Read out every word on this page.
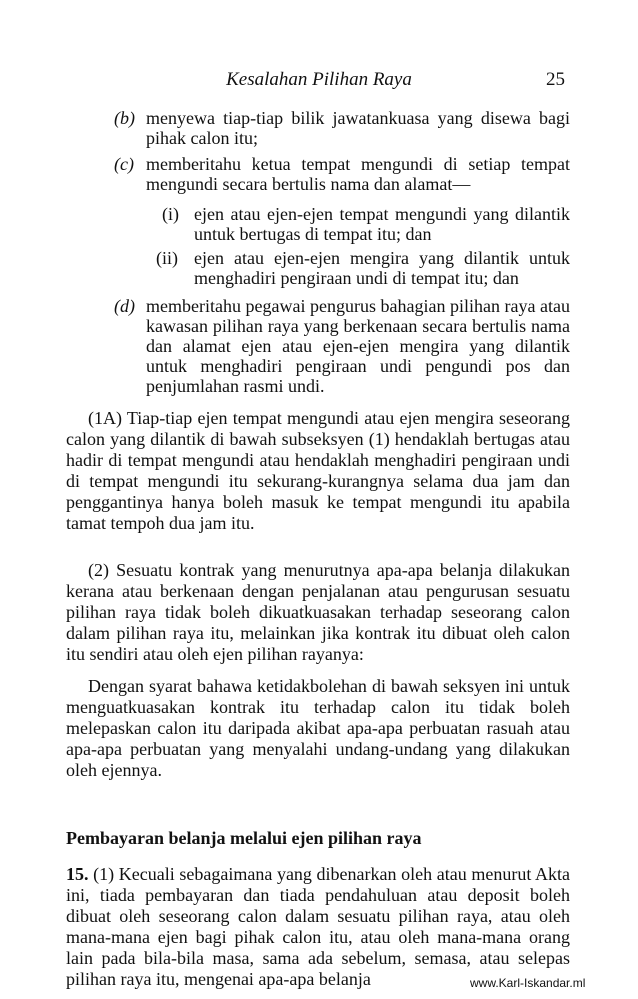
Kesalahan Pilihan Raya	25
(b) menyewa tiap-tiap bilik jawatankuasa yang disewa bagi pihak calon itu;
(c) memberitahu ketua tempat mengundi di setiap tempat mengundi secara bertulis nama dan alamat—
(i) ejen atau ejen-ejen tempat mengundi yang dilantik untuk bertugas di tempat itu; dan
(ii) ejen atau ejen-ejen mengira yang dilantik untuk menghadiri pengiraan undi di tempat itu; dan
(d) memberitahu pegawai pengurus bahagian pilihan raya atau kawasan pilihan raya yang berkenaan secara bertulis nama dan alamat ejen atau ejen-ejen mengira yang dilantik untuk menghadiri pengiraan undi pengundi pos dan penjumlahan rasmi undi.
(1A) Tiap-tiap ejen tempat mengundi atau ejen mengira seseorang calon yang dilantik di bawah subseksyen (1) hendaklah bertugas atau hadir di tempat mengundi atau hendaklah menghadiri pengiraan undi di tempat mengundi itu sekurang-kurangnya selama dua jam dan penggantinya hanya boleh masuk ke tempat mengundi itu apabila tamat tempoh dua jam itu.
(2) Sesuatu kontrak yang menurutnya apa-apa belanja dilakukan kerana atau berkenaan dengan penjalanan atau pengurusan sesuatu pilihan raya tidak boleh dikuatkuasakan terhadap seseorang calon dalam pilihan raya itu, melainkan jika kontrak itu dibuat oleh calon itu sendiri atau oleh ejen pilihan rayanya:
Dengan syarat bahawa ketidakbolehan di bawah seksyen ini untuk menguatkuasakan kontrak itu terhadap calon itu tidak boleh melepaskan calon itu daripada akibat apa-apa perbuatan rasuah atau apa-apa perbuatan yang menyalahi undang-undang yang dilakukan oleh ejennya.
Pembayaran belanja melalui ejen pilihan raya
15. (1) Kecuali sebagaimana yang dibenarkan oleh atau menurut Akta ini, tiada pembayaran dan tiada pendahuluan atau deposit boleh dibuat oleh seseorang calon dalam sesuatu pilihan raya, atau oleh mana-mana ejen bagi pihak calon itu, atau oleh mana-mana orang lain pada bila-bila masa, sama ada sebelum, semasa, atau selepas pilihan raya itu, mengenai apa-apa belanja	www.Karl-Iskandar.ml
